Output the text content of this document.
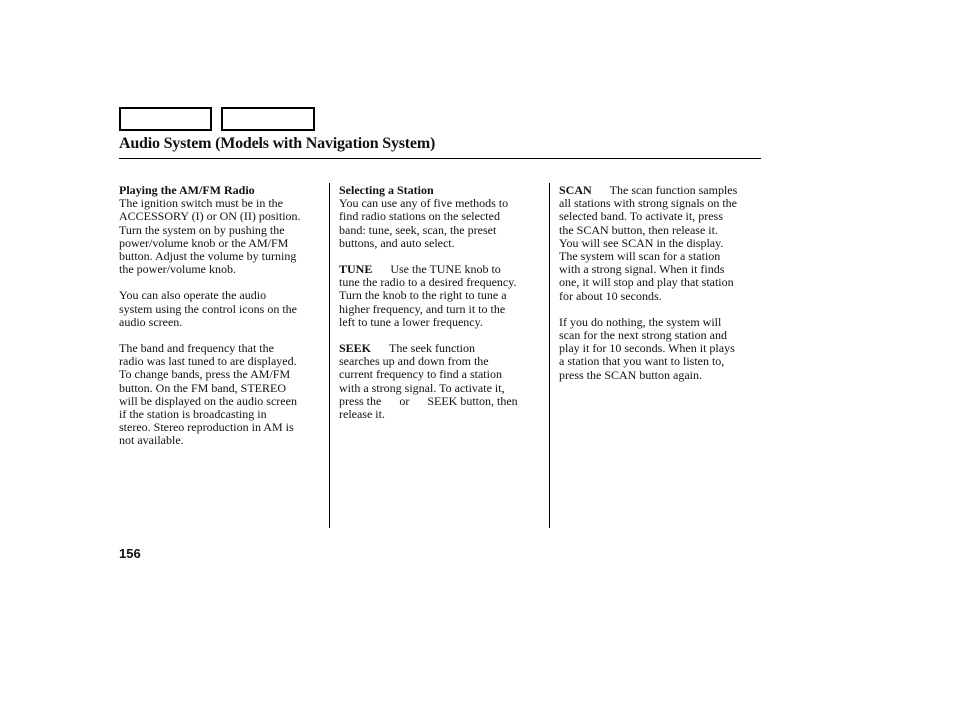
Audio System (Models with Navigation System)
Playing the AM/FM Radio
The ignition switch must be in the
ACCESSORY (I) or ON (II) position.
Turn the system on by pushing the
power/volume knob or the AM/FM
button. Adjust the volume by turning
the power/volume knob.
You can also operate the audio
system using the control icons on the
audio screen.
The band and frequency that the
radio was last tuned to are displayed.
To change bands, press the AM/FM
button. On the FM band, STEREO
will be displayed on the audio screen
if the station is broadcasting in
stereo. Stereo reproduction in AM is
not available.
Selecting a Station
You can use any of five methods to
find radio stations on the selected
band: tune, seek, scan, the preset
buttons, and auto select.
TUNE Use the TUNE knob to
tune the radio to a desired frequency.
Turn the knob to the right to tune a
higher frequency, and turn it to the
left to tune a lower frequency.
SEEK The seek function
searches up and down from the
current frequency to find a station
with a strong signal. To activate it,
press the or SEEK button, then
release it.
SCAN The scan function samples
all stations with strong signals on the
selected band. To activate it, press
the SCAN button, then release it.
You will see SCAN in the display.
The system will scan for a station
with a strong signal. When it finds
one, it will stop and play that station
for about 10 seconds.
If you do nothing, the system will
scan for the next strong station and
play it for 10 seconds. When it plays
a station that you want to listen to,
press the SCAN button again.
156
